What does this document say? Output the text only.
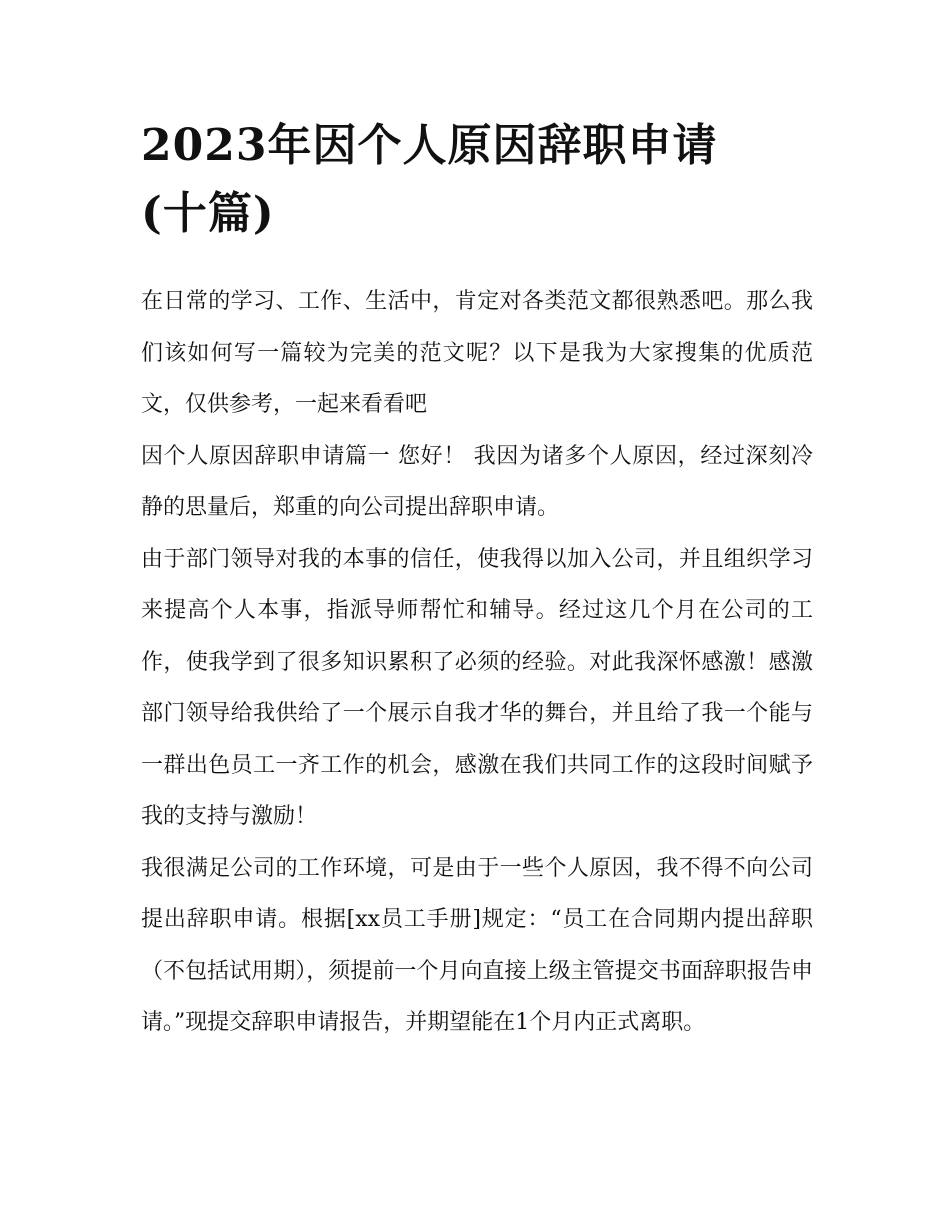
2023年因个人原因辞职申请
(十篇)

在日常的学习、工作、生活中，肯定对各类范文都很熟悉吧。那么我们该如何写一篇较为完美的范文呢？以下是我为大家搜集的优质范文，仅供参考，一起来看看吧

因个人原因辞职申请篇一 您好！ 我因为诸多个人原因，经过深刻冷静的思量后，郑重的向公司提出辞职申请。

由于部门领导对我的本事的信任，使我得以加入公司，并且组织学习来提高个人本事，指派导师帮忙和辅导。经过这几个月在公司的工作，使我学到了很多知识累积了必须的经验。对此我深怀感激！感激部门领导给我供给了一个展示自我才华的舞台，并且给了我一个能与一群出色员工一齐工作的机会，感激在我们共同工作的这段时间赋予我的支持与激励！

我很满足公司的工作环境，可是由于一些个人原因，我不得不向公司提出辞职申请。根据[xx员工手册]规定：“员工在合同期内提出辞职（不包括试用期），须提前一个月向直接上级主管提交书面辞职报告申请。”现提交辞职申请报告，并期望能在1个月内正式离职。
